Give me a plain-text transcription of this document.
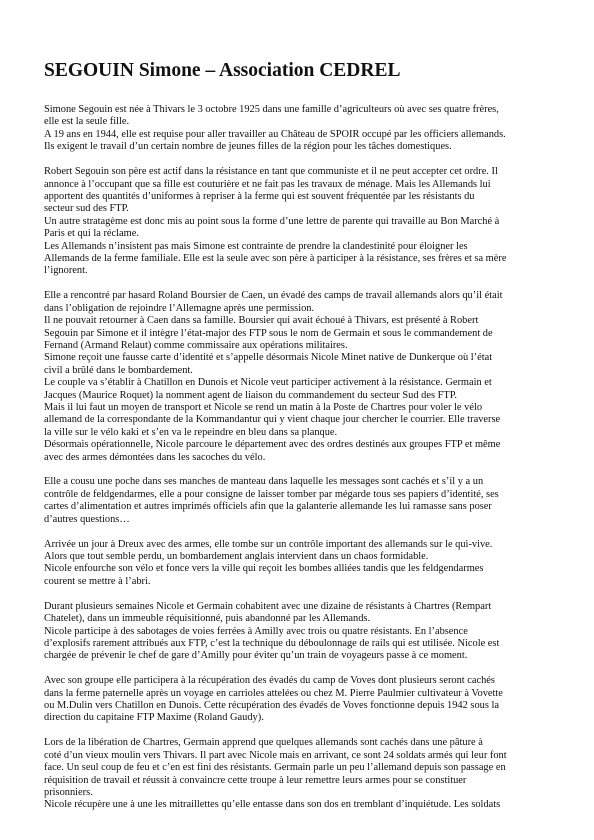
SEGOUIN Simone – Association CEDREL

Simone Segouin est née à Thivars le 3 octobre 1925 dans une famille d’agriculteurs où avec ses quatre frères,
elle est la seule fille.
A 19 ans en 1944, elle est requise pour aller travailler au Château de SPOIR occupé par les officiers allemands.
Ils exigent le travail d’un certain nombre de jeunes filles de la région pour les tâches domestiques.

Robert Segouin son père est actif dans la résistance en tant que communiste et il ne peut accepter cet ordre. Il
annonce à l’occupant que sa fille est couturière et ne fait pas les travaux de ménage. Mais les Allemands lui
apportent des quantités d’uniformes à repriser à la ferme qui est souvent fréquentée par les résistants du
secteur sud des FTP.
Un autre stratagème est donc mis au point sous la forme d’une lettre de parente qui travaille au Bon Marché à
Paris et qui la réclame.
Les Allemands n’insistent pas mais Simone est contrainte de prendre la clandestinité pour éloigner les
Allemands de la ferme familiale. Elle est la seule avec son père à participer à la résistance, ses frères et sa mère
l’ignorent.

Elle a rencontré par hasard Roland Boursier de Caen, un évadé des camps de travail allemands alors qu’il était
dans l’obligation de rejoindre l’Allemagne après une permission.
Il ne pouvait retourner à Caen dans sa famille. Boursier qui avait échoué à Thivars, est présenté à Robert
Segouin par Simone et il intègre l’état-major des FTP sous le nom de Germain et sous le commandement de
Fernand (Armand Relaut) comme commissaire aux opérations militaires.
Simone reçoit une fausse carte d’identité et s’appelle désormais Nicole Minet native de Dunkerque où l’état
civil a brûlé dans le bombardement.
Le couple va s’établir à Chatillon en Dunois et Nicole veut participer activement à la résistance. Germain et
Jacques (Maurice Roquet) la nomment agent de liaison du commandement du secteur Sud des FTP.
Mais il lui faut un moyen de transport et Nicole se rend un matin à la Poste de Chartres pour voler le vélo
allemand de la correspondante de la Kommandantur qui y vient chaque jour chercher le courrier. Elle traverse
la ville sur le vélo kaki et s’en va le repeindre en bleu dans sa planque.
Désormais opérationnelle, Nicole parcoure le département avec des ordres destinés aux groupes FTP et même
avec des armes démontées dans les sacoches du vélo.

Elle a cousu une poche dans ses manches de manteau dans laquelle les messages sont cachés et s’il y a un
contrôle de feldgendarmes, elle a pour consigne de laisser tomber par mégarde tous ses papiers d’identité, ses
cartes d’alimentation et autres imprimés officiels afin que la galanterie allemande les lui ramasse sans poser
d’autres questions…

Arrivée un jour à Dreux avec des armes, elle tombe sur un contrôle important des allemands sur le qui-vive.
Alors que tout semble perdu, un bombardement anglais intervient dans un chaos formidable.
Nicole enfourche son vélo et fonce vers la ville qui reçoit les bombes alliées tandis que les feldgendarmes
courent se mettre à l’abri.

Durant plusieurs semaines Nicole et Germain cohabitent avec une dizaine de résistants à Chartres (Rempart
Chatelet), dans un immeuble réquisitionné, puis abandonné par les Allemands.
Nicole participe à des sabotages de voies ferrées à Amilly avec trois ou quatre résistants. En l’absence
d’explosifs rarement attribués aux FTP, c’est la technique du déboulonnage de rails qui est utilisée. Nicole est
chargée de prévenir le chef de gare d’Amilly pour éviter qu’un train de voyageurs passe à ce moment.

Avec son groupe elle participera à la récupération des évadés du camp de Voves dont plusieurs seront cachés
dans la ferme paternelle après un voyage en carrioles attelées ou chez M. Pierre Paulmier cultivateur à Vovette
ou M.Dulin vers Chatillon en Dunois. Cette récupération des évadés de Voves fonctionne depuis 1942 sous la
direction du capitaine FTP Maxime (Roland Gaudy).

Lors de la libération de Chartres, Germain apprend que quelques allemands sont cachés dans une pâture à
coté d’un vieux moulin vers Thivars. Il part avec Nicole mais en arrivant, ce sont 24 soldats armés qui leur font
face. Un seul coup de feu et c’en est fini des résistants. Germain parle un peu l’allemand depuis son passage en
réquisition de travail et réussit à convaincre cette troupe à leur remettre leurs armes pour se constituer
prisonniers.
Nicole récupère une à une les mitraillettes qu’elle entasse dans son dos en tremblant d’inquiétude. Les soldats
